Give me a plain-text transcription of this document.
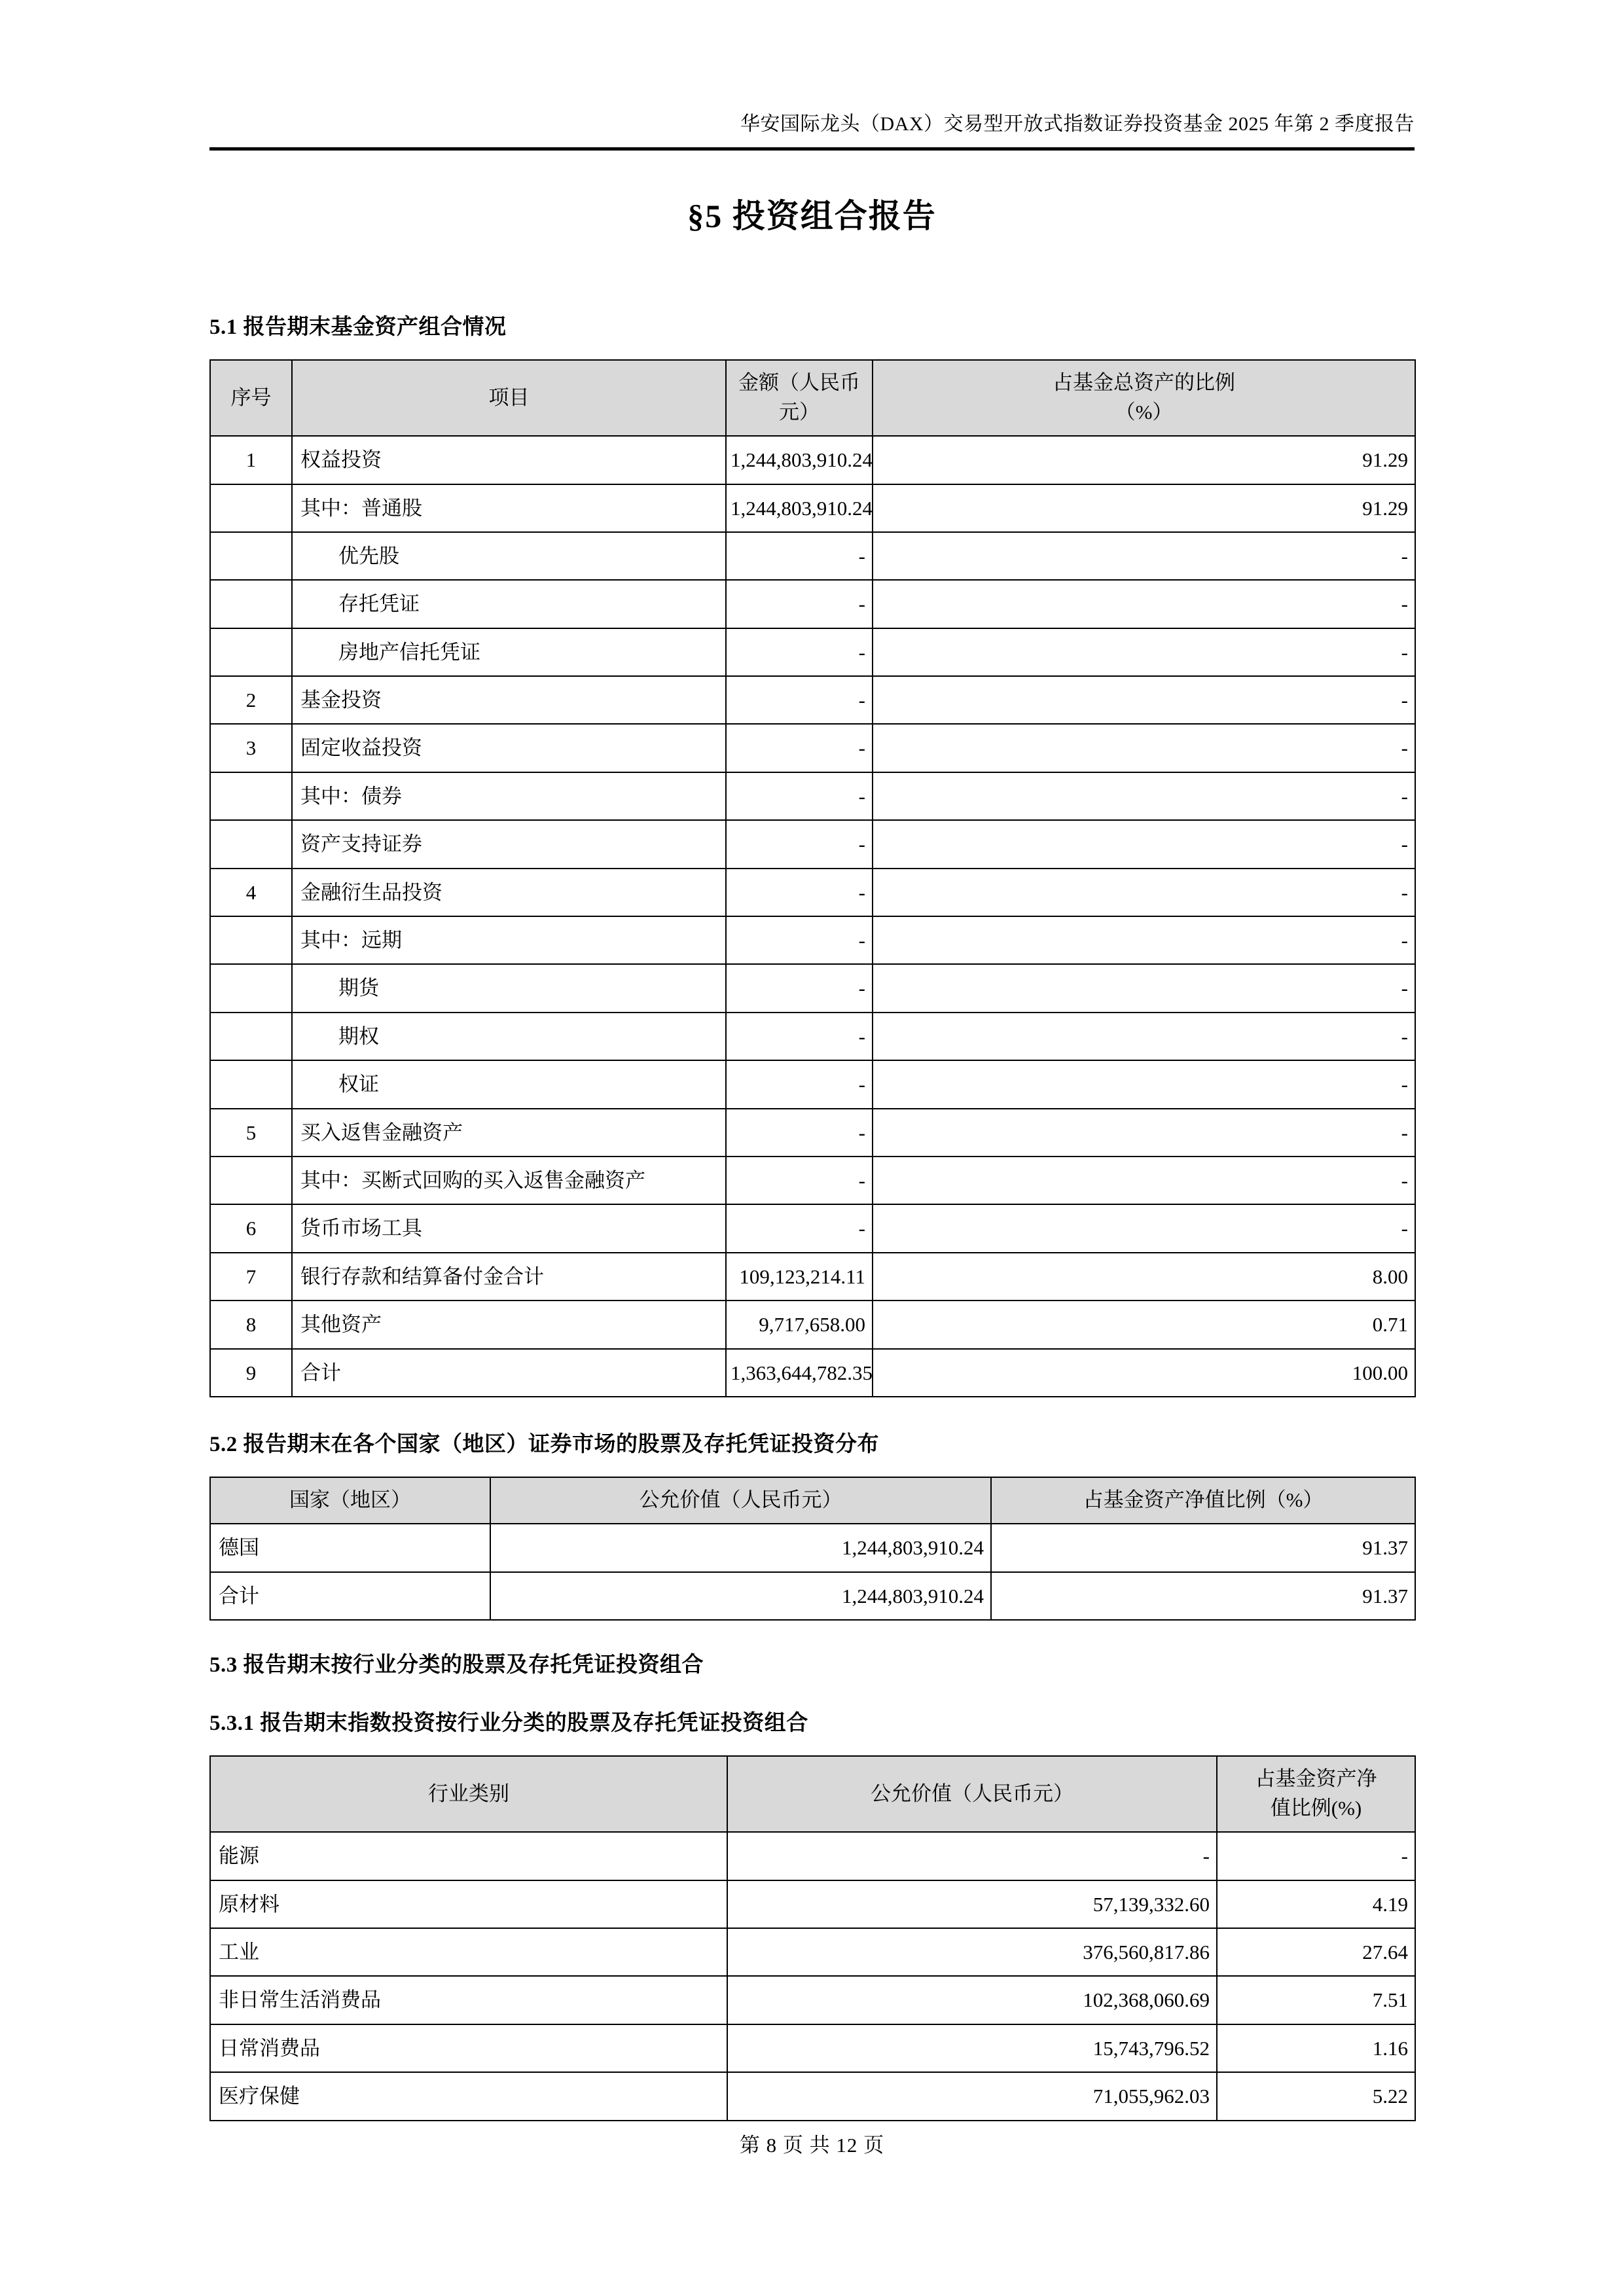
华安国际龙头（DAX）交易型开放式指数证券投资基金 2025 年第 2 季度报告
§5 投资组合报告
5.1 报告期末基金资产组合情况
序号	项目	金额（人民币元）	占基金总资产的比例
（%）
1	权益投资	1,244,803,910.24	91.29
	其中：普通股	1,244,803,910.24	91.29
	优先股	-	-
	存托凭证	-	-
	房地产信托凭证	-	-
2	基金投资	-	-
3	固定收益投资	-	-
	其中：债券	-	-
	资产支持证券	-	-
4	金融衍生品投资	-	-
	其中：远期	-	-
	期货	-	-
	期权	-	-
	权证	-	-
5	买入返售金融资产	-	-
	其中：买断式回购的买入返售金融资产	-	-
6	货币市场工具	-	-
7	银行存款和结算备付金合计	109,123,214.11	8.00
8	其他资产	9,717,658.00	0.71
9	合计	1,363,644,782.35	100.00
5.2 报告期末在各个国家（地区）证券市场的股票及存托凭证投资分布
国家（地区）	公允价值（人民币元）	占基金资产净值比例（%）
德国	1,244,803,910.24	91.37
合计	1,244,803,910.24	91.37
5.3 报告期末按行业分类的股票及存托凭证投资组合
5.3.1 报告期末指数投资按行业分类的股票及存托凭证投资组合
行业类别	公允价值（人民币元）	占基金资产净
值比例(%)
能源	-	-
原材料	57,139,332.60	4.19
工业	376,560,817.86	27.64
非日常生活消费品	102,368,060.69	7.51
日常消费品	15,743,796.52	1.16
医疗保健	71,055,962.03	5.22
第 8 页 共 12 页
